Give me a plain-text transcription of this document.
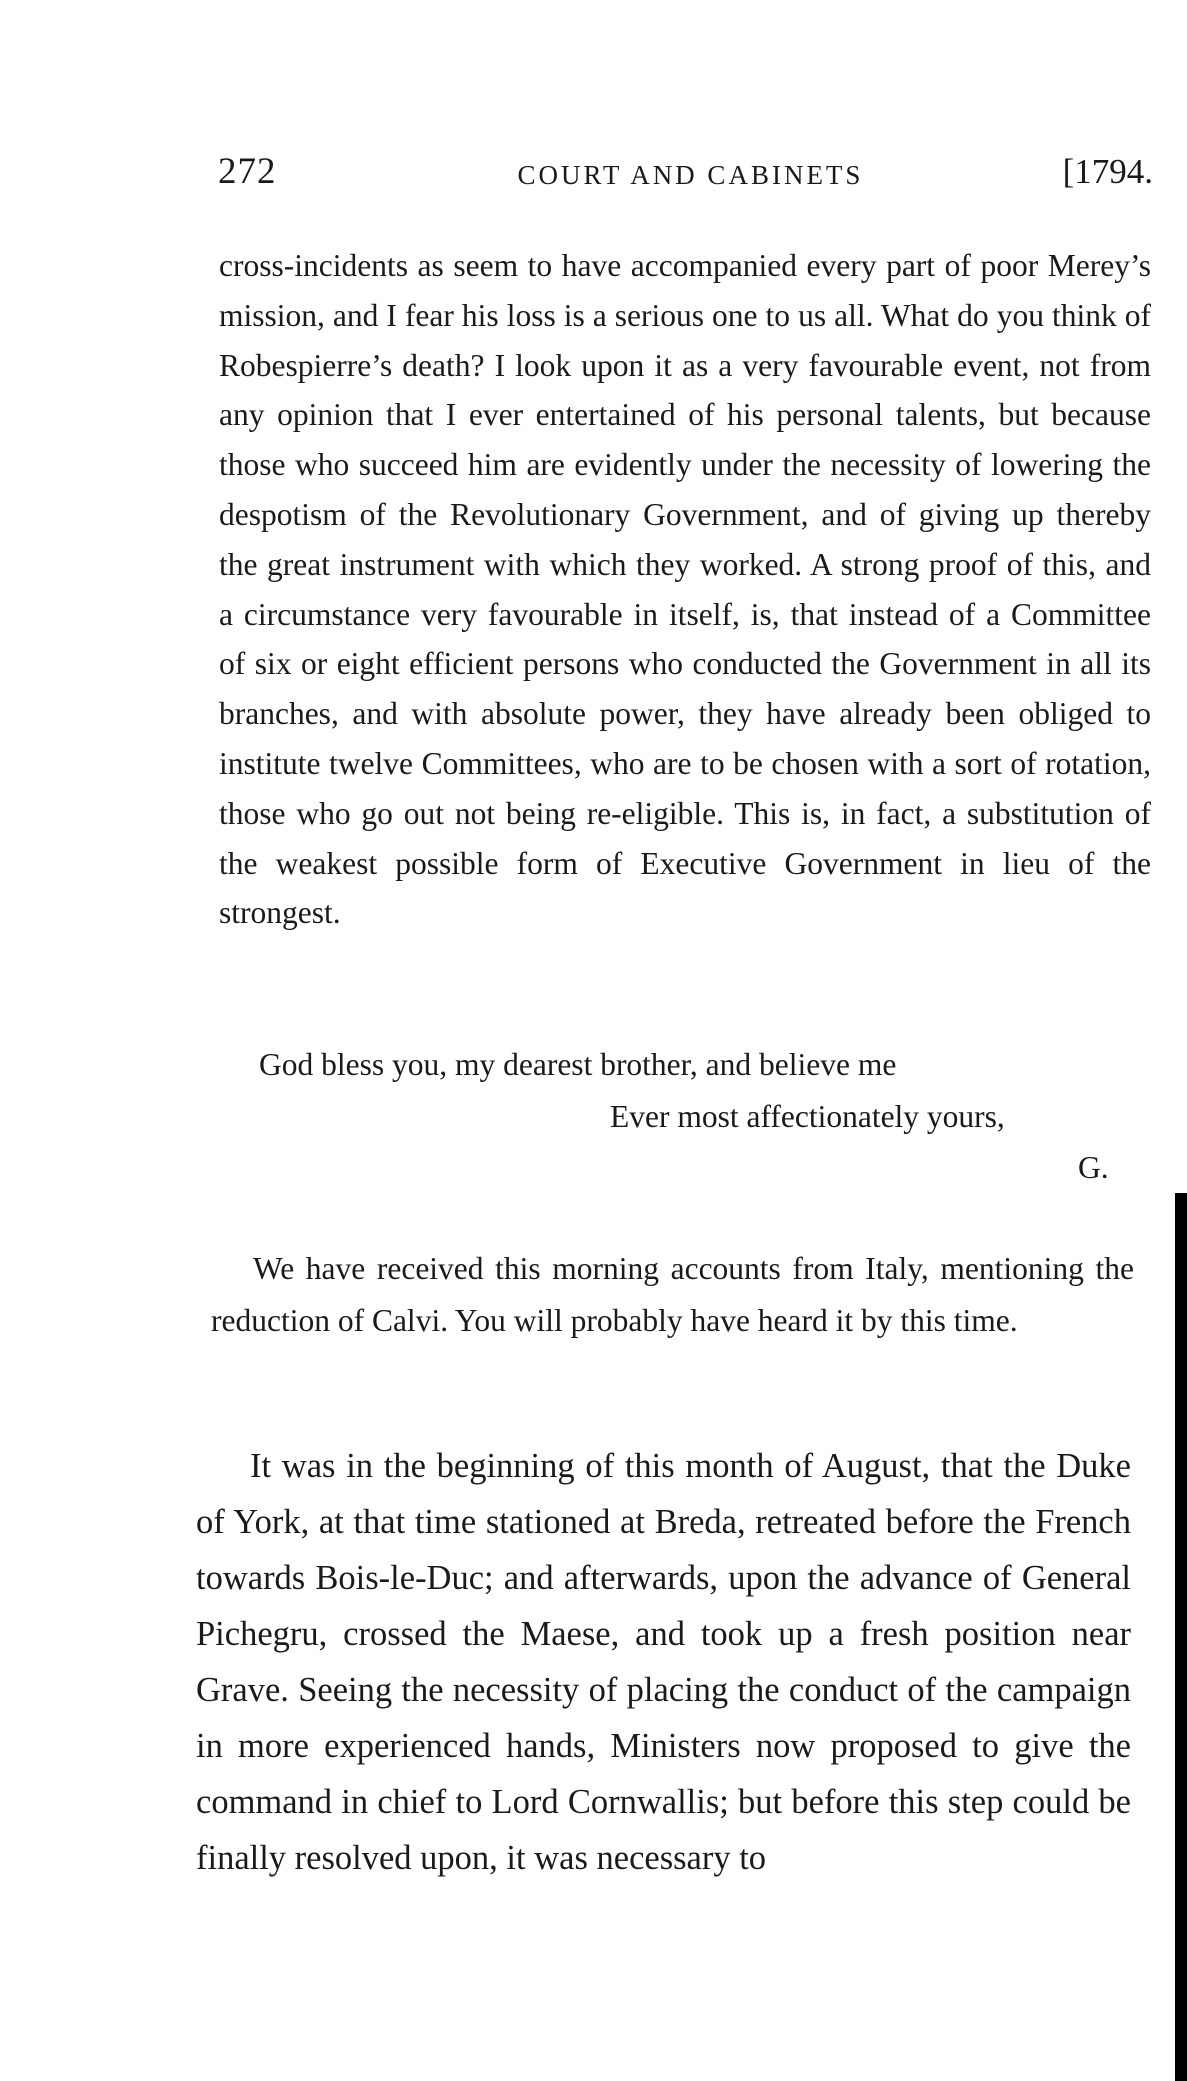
272	COURT AND CABINETS	[1794.

cross-incidents as seem to have accompanied every part of poor Merey’s mission, and I fear his loss is a serious one to us all. What do you think of Robespierre’s death? I look upon it as a very favourable event, not from any opinion that I ever entertained of his personal talents, but because those who succeed him are evidently under the necessity of lowering the despotism of the Revolutionary Government, and of giving up thereby the great instrument with which they worked. A strong proof of this, and a circumstance very favourable in itself, is, that instead of a Committee of six or eight efficient persons who conducted the Government in all its branches, and with absolute power, they have already been obliged to institute twelve Committees, who are to be chosen with a sort of rotation, those who go out not being re-eligible. This is, in fact, a substitution of the weakest possible form of Executive Government in lieu of the strongest.

God bless you, my dearest brother, and believe me
Ever most affectionately yours,
G.

We have received this morning accounts from Italy, mentioning the reduction of Calvi. You will probably have heard it by this time.

It was in the beginning of this month of August, that the Duke of York, at that time stationed at Breda, retreated before the French towards Bois-le-Duc; and afterwards, upon the advance of General Pichegru, crossed the Maese, and took up a fresh position near Grave. Seeing the necessity of placing the conduct of the campaign in more experienced hands, Ministers now proposed to give the command in chief to Lord Cornwallis; but before this step could be finally resolved upon, it was necessary to
